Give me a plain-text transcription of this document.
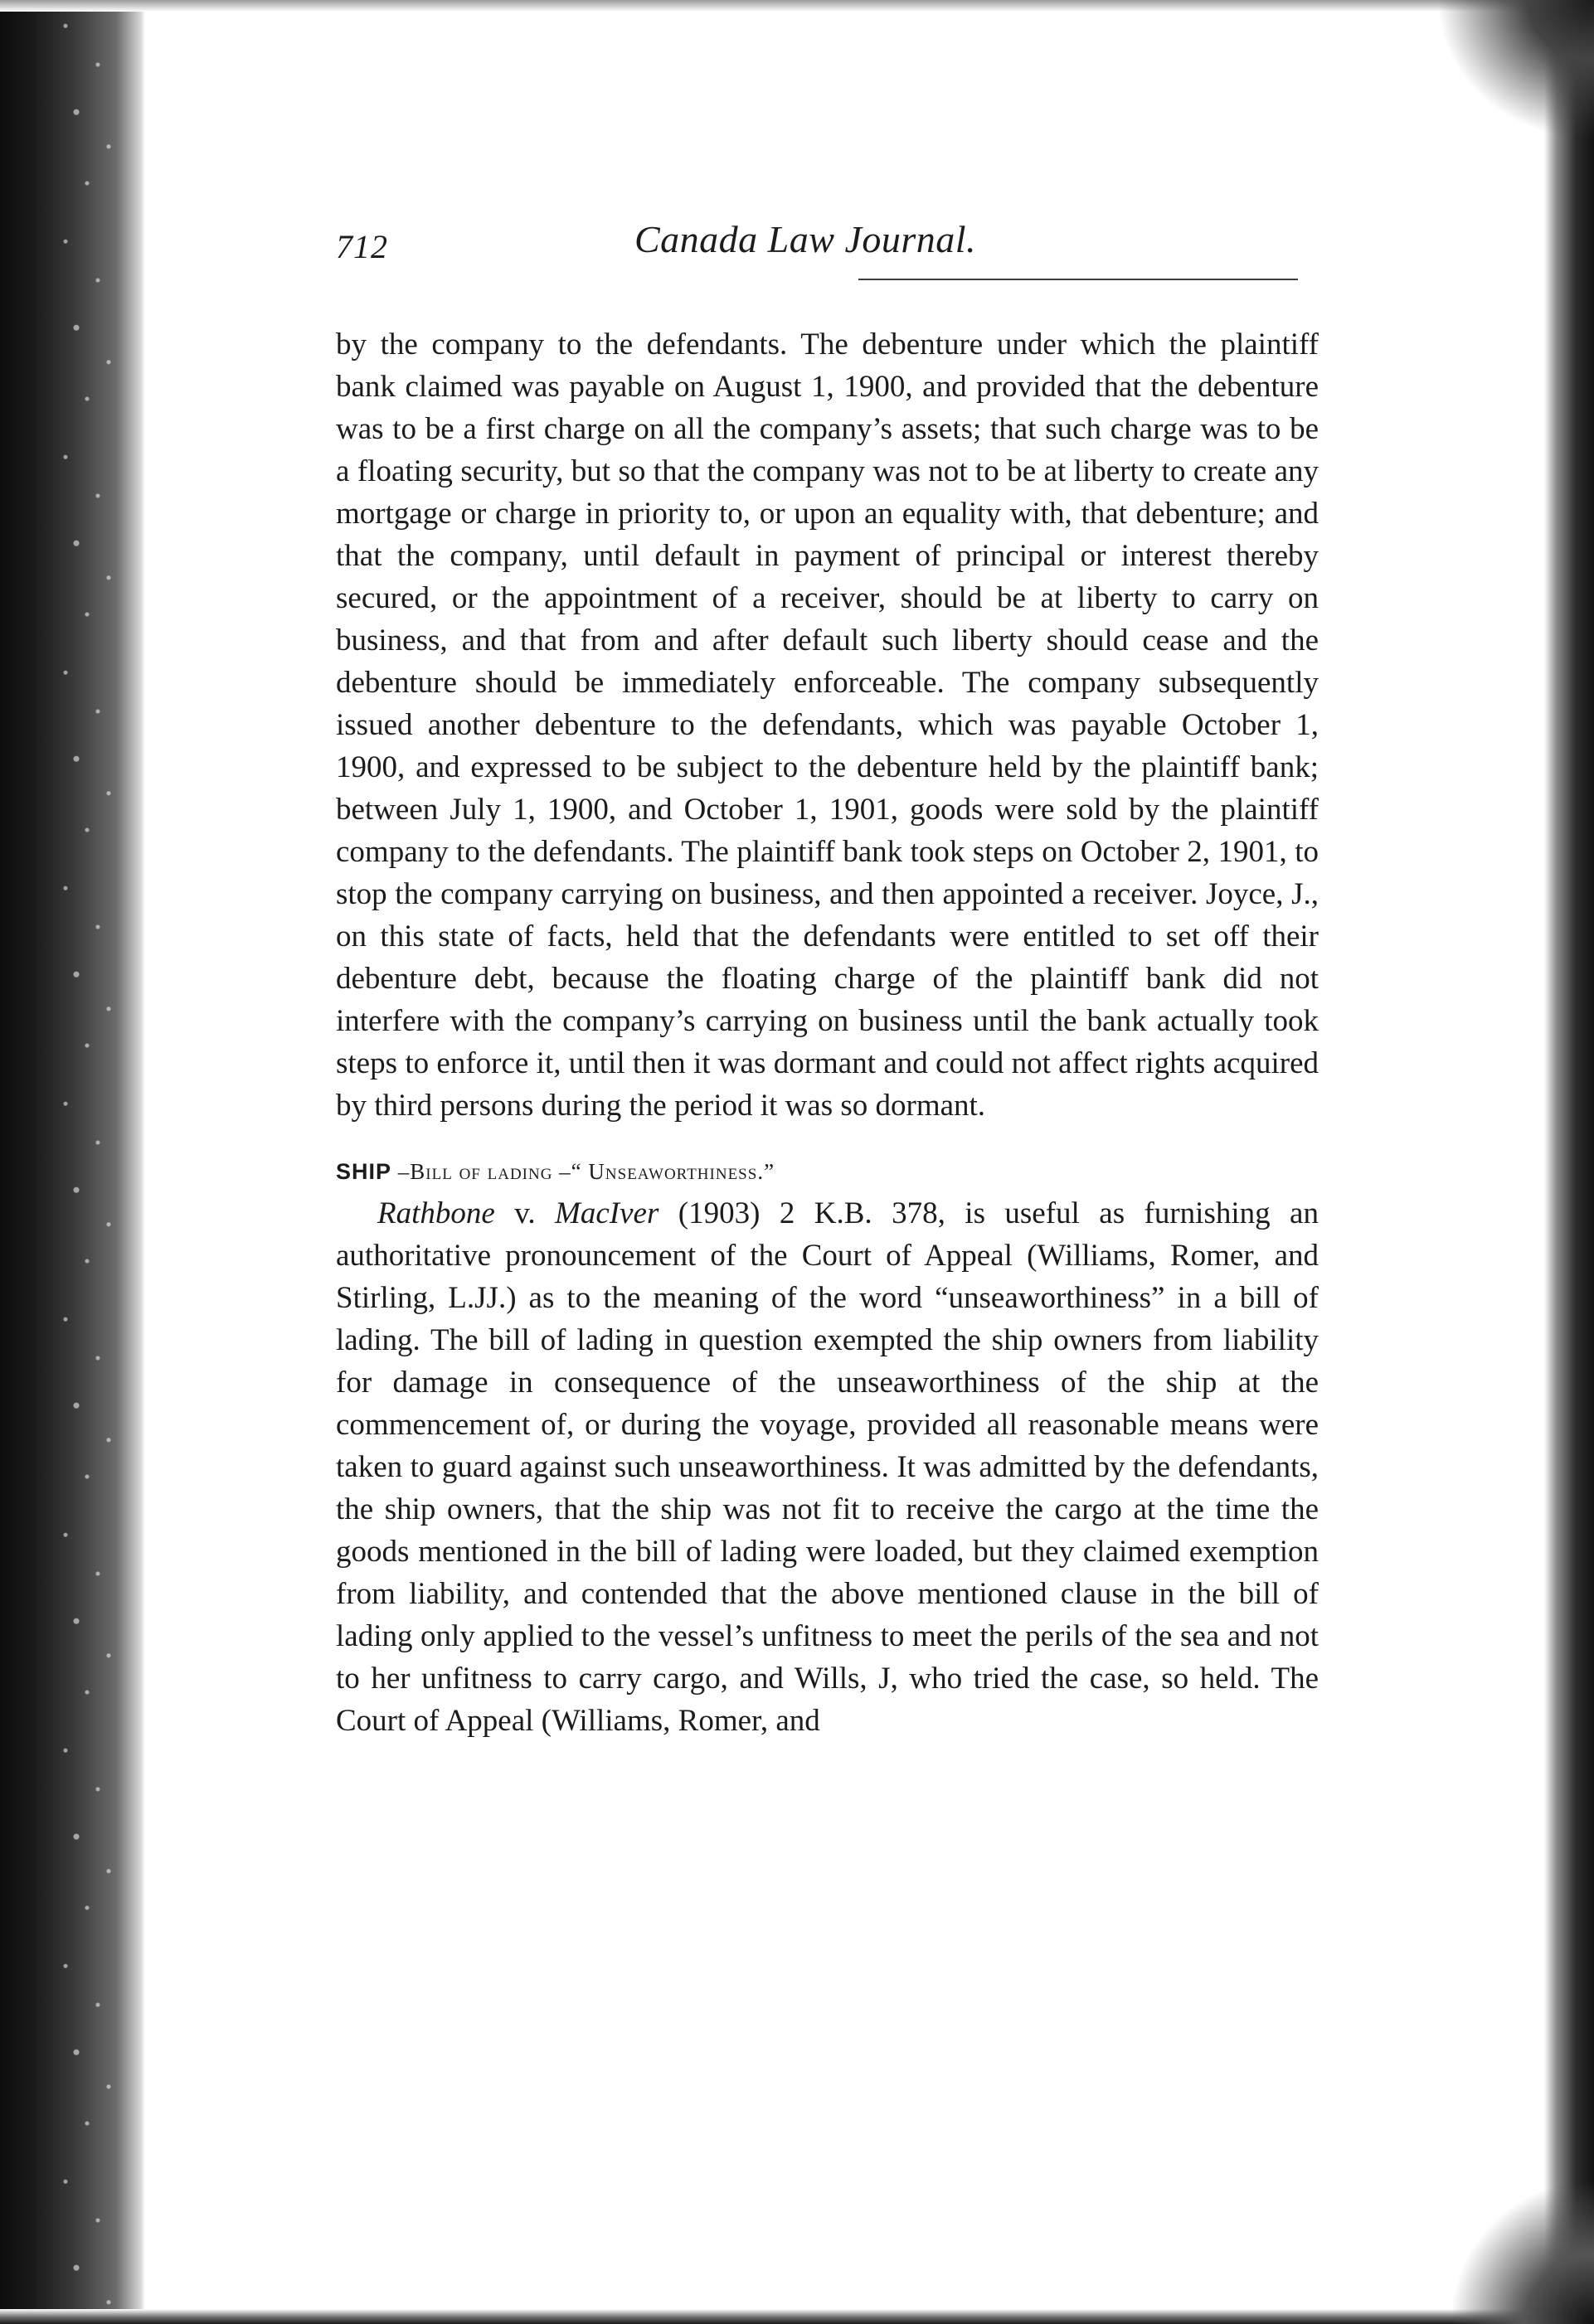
712	Canada Law Journal.

by the company to the defendants. The debenture under which the plaintiff bank claimed was payable on August 1, 1900, and provided that the debenture was to be a first charge on all the company’s assets; that such charge was to be a floating security, but so that the company was not to be at liberty to create any mortgage or charge in priority to, or upon an equality with, that debenture; and that the company, until default in payment of principal or interest thereby secured, or the appointment of a receiver, should be at liberty to carry on business, and that from and after default such liberty should cease and the debenture should be immediately enforceable. The company subsequently issued another debenture to the defendants, which was payable October 1, 1900, and expressed to be subject to the debenture held by the plaintiff bank; between July 1, 1900, and October 1, 1901, goods were sold by the plaintiff company to the defendants. The plaintiff bank took steps on October 2, 1901, to stop the company carrying on business, and then appointed a receiver. Joyce, J., on this state of facts, held that the defendants were entitled to set off their debenture debt, because the floating charge of the plaintiff bank did not interfere with the company’s carrying on business until the bank actually took steps to enforce it, until then it was dormant and could not affect rights acquired by third persons during the period it was so dormant.

SHIP –Bill of lading –“ Unseaworthiness.”

Rathbone v. MacIver (1903) 2 K.B. 378, is useful as furnishing an authoritative pronouncement of the Court of Appeal (Williams, Romer, and Stirling, L.JJ.) as to the meaning of the word “unseaworthiness” in a bill of lading. The bill of lading in question exempted the ship owners from liability for damage in consequence of the unseaworthiness of the ship at the commencement of, or during the voyage, provided all reasonable means were taken to guard against such unseaworthiness. It was admitted by the defendants, the ship owners, that the ship was not fit to receive the cargo at the time the goods mentioned in the bill of lading were loaded, but they claimed exemption from liability, and contended that the above mentioned clause in the bill of lading only applied to the vessel’s unfitness to meet the perils of the sea and not to her unfitness to carry cargo, and Wills, J, who tried the case, so held. The Court of Appeal (Williams, Romer, and
